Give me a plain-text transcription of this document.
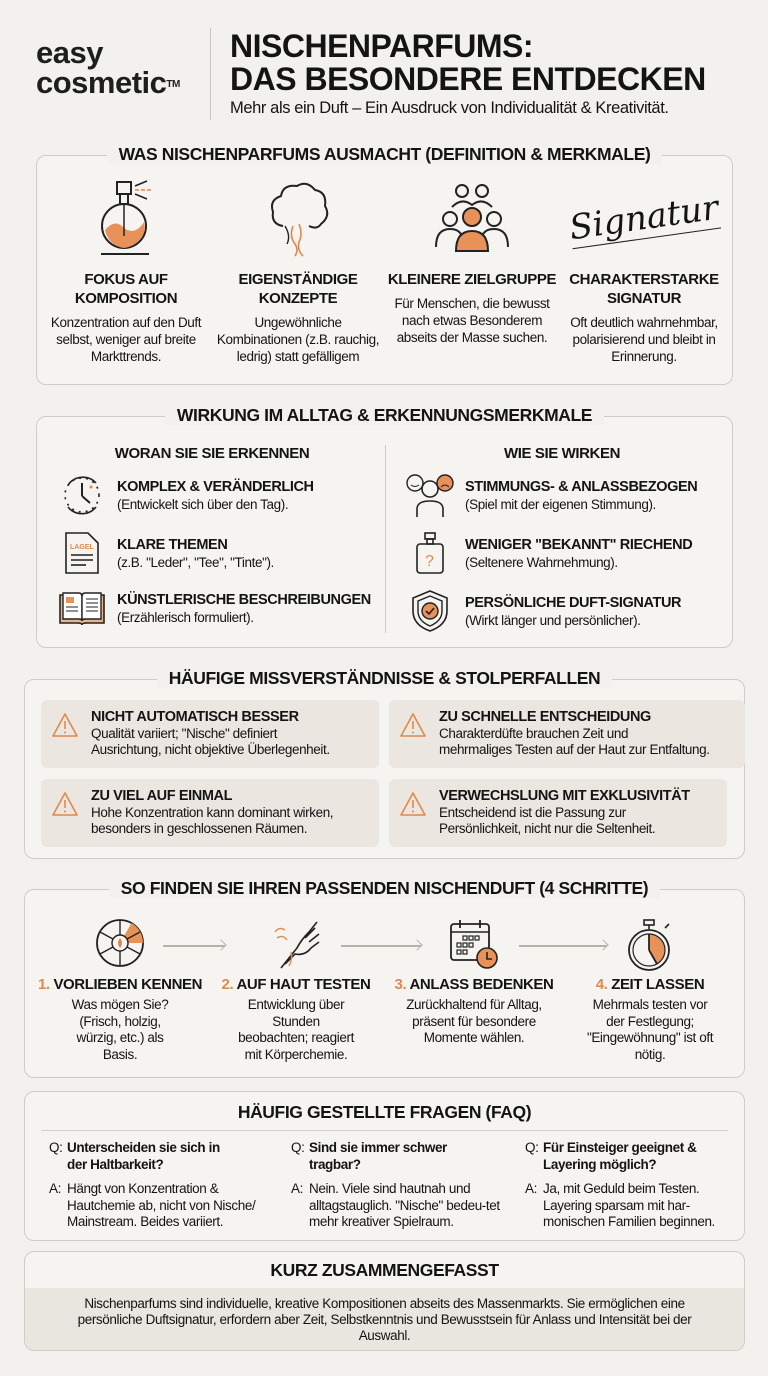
easy
cosmetic™
NISCHENPARFUMS:
DAS BESONDERE ENTDECKEN
Mehr als ein Duft – Ein Ausdruck von Individualität & Kreativität.
WAS NISCHENPARFUMS AUSMACHT (DEFINITION & MERKMALE)
FOKUS AUF KOMPOSITION

Konzentration auf den Duft selbst, weniger auf breite Markttrends.

EIGENSTÄNDIGE KONZEPTE

Ungewöhnliche Kombinationen (z.B. rauchig, ledrig) statt gefälligem

KLEINERE ZIELGRUPPE

Für Menschen, die bewusst nach etwas Besonderem abseits der Masse suchen.

Signatur
CHARAKTERSTARKE SIGNATUR

Oft deutlich wahrnehmbar, polarisierend und bleibt in Erinnerung.

WIRKUNG IM ALLTAG & ERKENNUNGSMERKMALE
WORAN SIE SIE ERKENNEN	WIE SIE WIRKEN
KOMPLEX & VERÄNDERLICH
(Entwickelt sich über den Tag).
LAGEL KLARE THEMEN
(z.B. "Leder", "Tee", "Tinte").
KÜNSTLERISCHE BESCHREIBUNGEN
(Erzählerisch formuliert).
STIMMUNGS- & ANLASSBEZOGEN
(Spiel mit der eigenen Stimmung).
?
WENIGER "BEKANNT" RIECHEND
(Seltenere Wahrnehmung).
PERSÖNLICHE DUFT-SIGNATUR
(Wirkt länger und persönlicher).
HÄUFIGE MISSVERSTÄNDNISSE & STOLPERFALLEN
NICHT AUTOMATISCH BESSER
Qualität variiert; "Nische" definiert
Ausrichtung, nicht objektive Überlegenheit.
ZU SCHNELLE ENTSCHEIDUNG
Charakterdüfte brauchen Zeit und
mehrmaliges Testen auf der Haut zur Entfaltung.
ZU VIEL AUF EINMAL
Hohe Konzentration kann dominant wirken,
besonders in geschlossenen Räumen.
VERWECHSLUNG MIT EXKLUSIVITÄT
Entscheidend ist die Passung zur
Persönlichkeit, nicht nur die Seltenheit.
SO FINDEN SIE IHREN PASSENDEN NISCHENDUFT (4 SCHRITTE)
1. VORLIEBEN KENNEN

Was mögen Sie? (Frisch, holzig, würzig, etc.) als Basis.

2. AUF HAUT TESTEN

Entwicklung über Stunden beobachten; reagiert mit Körperchemie.

3. ANLASS BEDENKEN

Zurückhaltend für Alltag, präsent für besondere Momente wählen.

4. ZEIT LASSEN

Mehrmals testen vor der Festlegung; "Eingewöhnung" ist oft nötig.

HÄUFIG GESTELLTE FRAGEN (FAQ)
Q: Unterscheiden sie sich in der Haltbarkeit?
A: Hängt von Konzentration & Hautchemie ab, nicht von Nische/ Mainstream. Beides variiert.
Q: Sind sie immer schwer tragbar?
A: Nein. Viele sind hautnah und alltagstauglich. "Nische" bedeu-tet mehr kreativer Spielraum.
Q: Für Einsteiger geeignet & Layering möglich?
A: Ja, mit Geduld beim Testen. Layering sparsam mit har-monischen Familien beginnen.
KURZ ZUSAMMENGEFASST
Nischenparfums sind individuelle, kreative Kompositionen abseits des Massenmarkts. Sie ermöglichen eine persönliche Duftsignatur, erfordern aber Zeit, Selbstkenntnis und Bewusstsein für Anlass und Intensität bei der Auswahl.
